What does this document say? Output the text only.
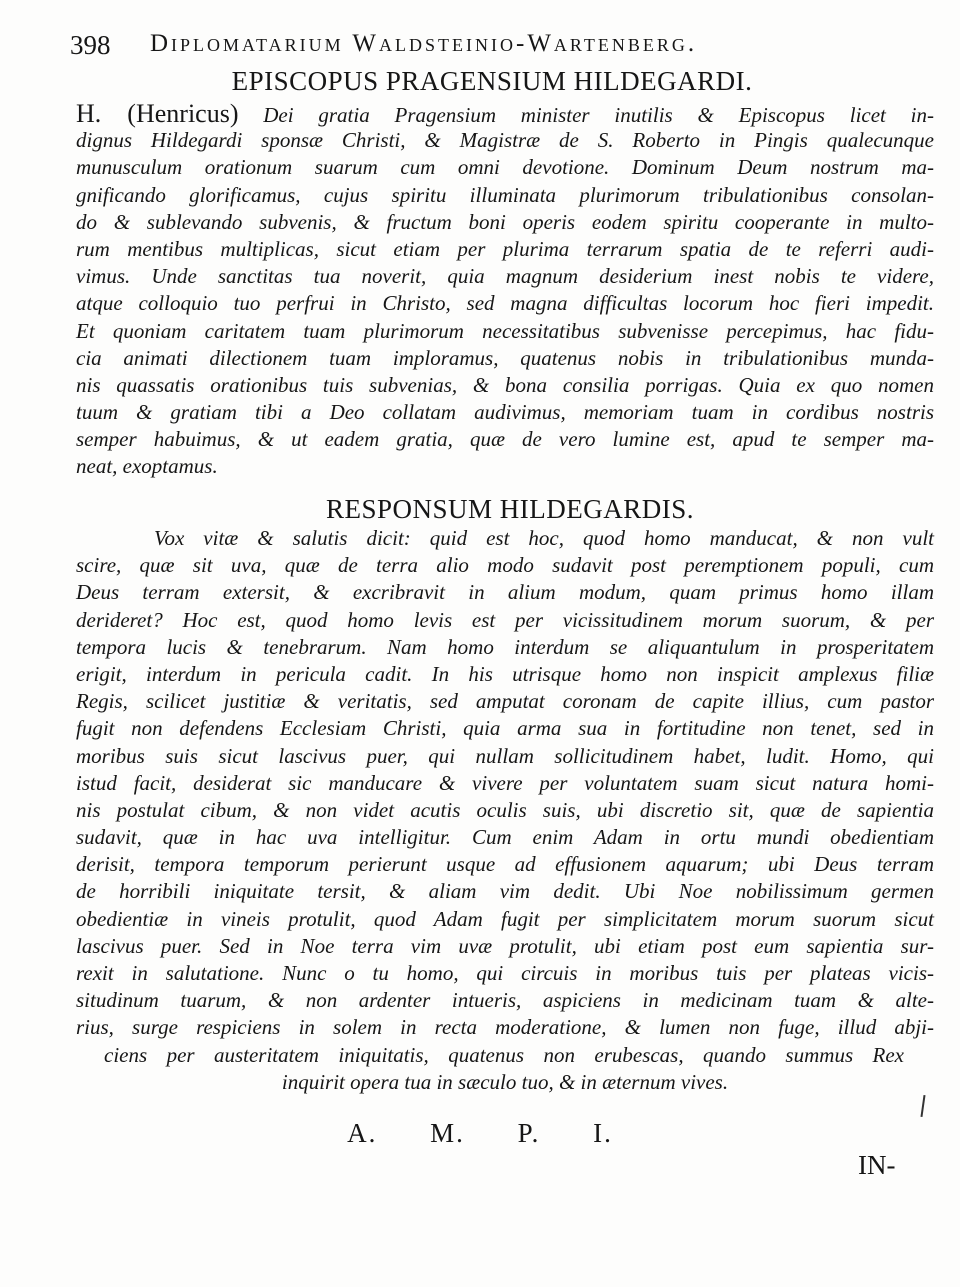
398 Diplomatarium Waldsteinio-Wartenberg.
EPISCOPUS PRAGENSIUM HILDEGARDI.
H. (Henricus) Dei gratia Pragensium minister inutilis & Episcopus licet in-
dignus Hildegardi sponsæ Christi, & Magistræ de S. Roberto in Pingis qualecunque
munusculum orationum suarum cum omni devotione. Dominum Deum nostrum ma-
gnificando glorificamus, cujus spiritu illuminata plurimorum tribulationibus consolan-
do & sublevando subvenis, & fructum boni operis eodem spiritu cooperante in multo-
rum mentibus multiplicas, sicut etiam per plurima terrarum spatia de te referri audi-
vimus. Unde sanctitas tua noverit, quia magnum desiderium inest nobis te videre,
atque colloquio tuo perfrui in Christo, sed magna difficultas locorum hoc fieri impedit.
Et quoniam caritatem tuam plurimorum necessitatibus subvenisse percepimus, hac fidu-
cia animati dilectionem tuam imploramus, quatenus nobis in tribulationibus munda-
nis quassatis orationibus tuis subvenias, & bona consilia porrigas. Quia ex quo nomen
tuum & gratiam tibi a Deo collatam audivimus, memoriam tuam in cordibus nostris
semper habuimus, & ut eadem gratia, quæ de vero lumine est, apud te semper ma-
neat, exoptamus.
RESPONSUM HILDEGARDIS.
Vox vitæ & salutis dicit: quid est hoc, quod homo manducat, & non vult
scire, quæ sit uva, quæ de terra alio modo sudavit post peremptionem populi, cum
Deus terram extersit, & excribravit in alium modum, quam primus homo illam
derideret? Hoc est, quod homo levis est per vicissitudinem morum suorum, & per
tempora lucis & tenebrarum. Nam homo interdum se aliquantulum in prosperitatem
erigit, interdum in pericula cadit. In his utrisque homo non inspicit amplexus filiæ
Regis, scilicet justitiæ & veritatis, sed amputat coronam de capite illius, cum pastor
fugit non defendens Ecclesiam Christi, quia arma sua in fortitudine non tenet, sed in
moribus suis sicut lascivus puer, qui nullam sollicitudinem habet, ludit. Homo, qui
istud facit, desiderat sic manducare & vivere per voluntatem suam sicut natura homi-
nis postulat cibum, & non videt acutis oculis suis, ubi discretio sit, quæ de sapientia
sudavit, quæ in hac uva intelligitur. Cum enim Adam in ortu mundi obedientiam
derisit, tempora temporum perierunt usque ad effusionem aquarum; ubi Deus terram
de horribili iniquitate tersit, & aliam vim dedit. Ubi Noe nobilissimum germen
obedientiæ in vineis protulit, quod Adam fugit per simplicitatem morum suorum sicut
lascivus puer. Sed in Noe terra vim uvæ protulit, ubi etiam post eum sapientia sur-
rexit in salutatione. Nunc o tu homo, qui circuis in moribus tuis per plateas vicis-
situdinum tuarum, & non ardenter intueris, aspiciens in medicinam tuam & alte-
rius, surge respiciens in solem in recta moderatione, & lumen non fuge, illud abji-
ciens per austeritatem iniquitatis, quatenus non erubescas, quando summus Rex
inquirit opera tua in sæculo tuo, & in æternum vives.
A. M. P. I.
IN-
